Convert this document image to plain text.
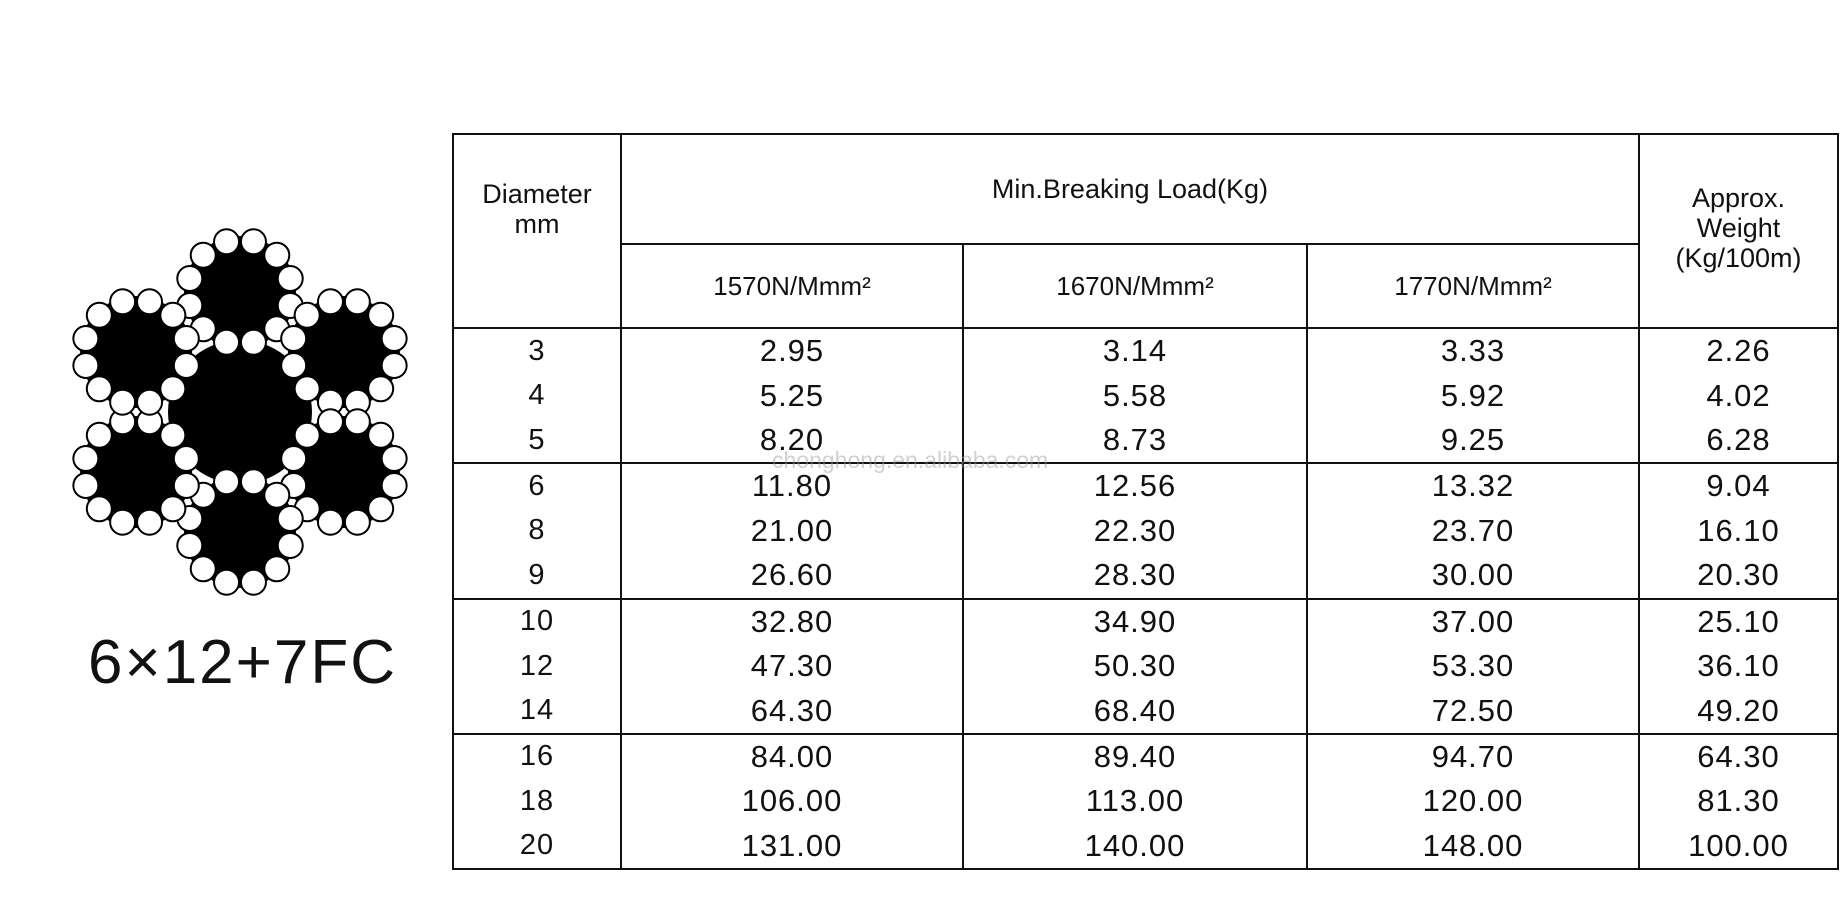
6×12+7FC
Diameter mm	Min.Breaking Load(Kg)			Approx. Weight (Kg/100m)
	1570N/Mmm²	1670N/Mmm²	1770N/Mmm²	
3	2.95	3.14	3.33	2.26
4	5.25	5.58	5.92	4.02
5	8.20	8.73	9.25	6.28
6	11.80	12.56	13.32	9.04
8	21.00	22.30	23.70	16.10
9	26.60	28.30	30.00	20.30
10	32.80	34.90	37.00	25.10
12	47.30	50.30	53.30	36.10
14	64.30	68.40	72.50	49.20
16	84.00	89.40	94.70	64.30
18	106.00	113.00	120.00	81.30
20	131.00	140.00	148.00	100.00
chonghong.en.alibaba.com
